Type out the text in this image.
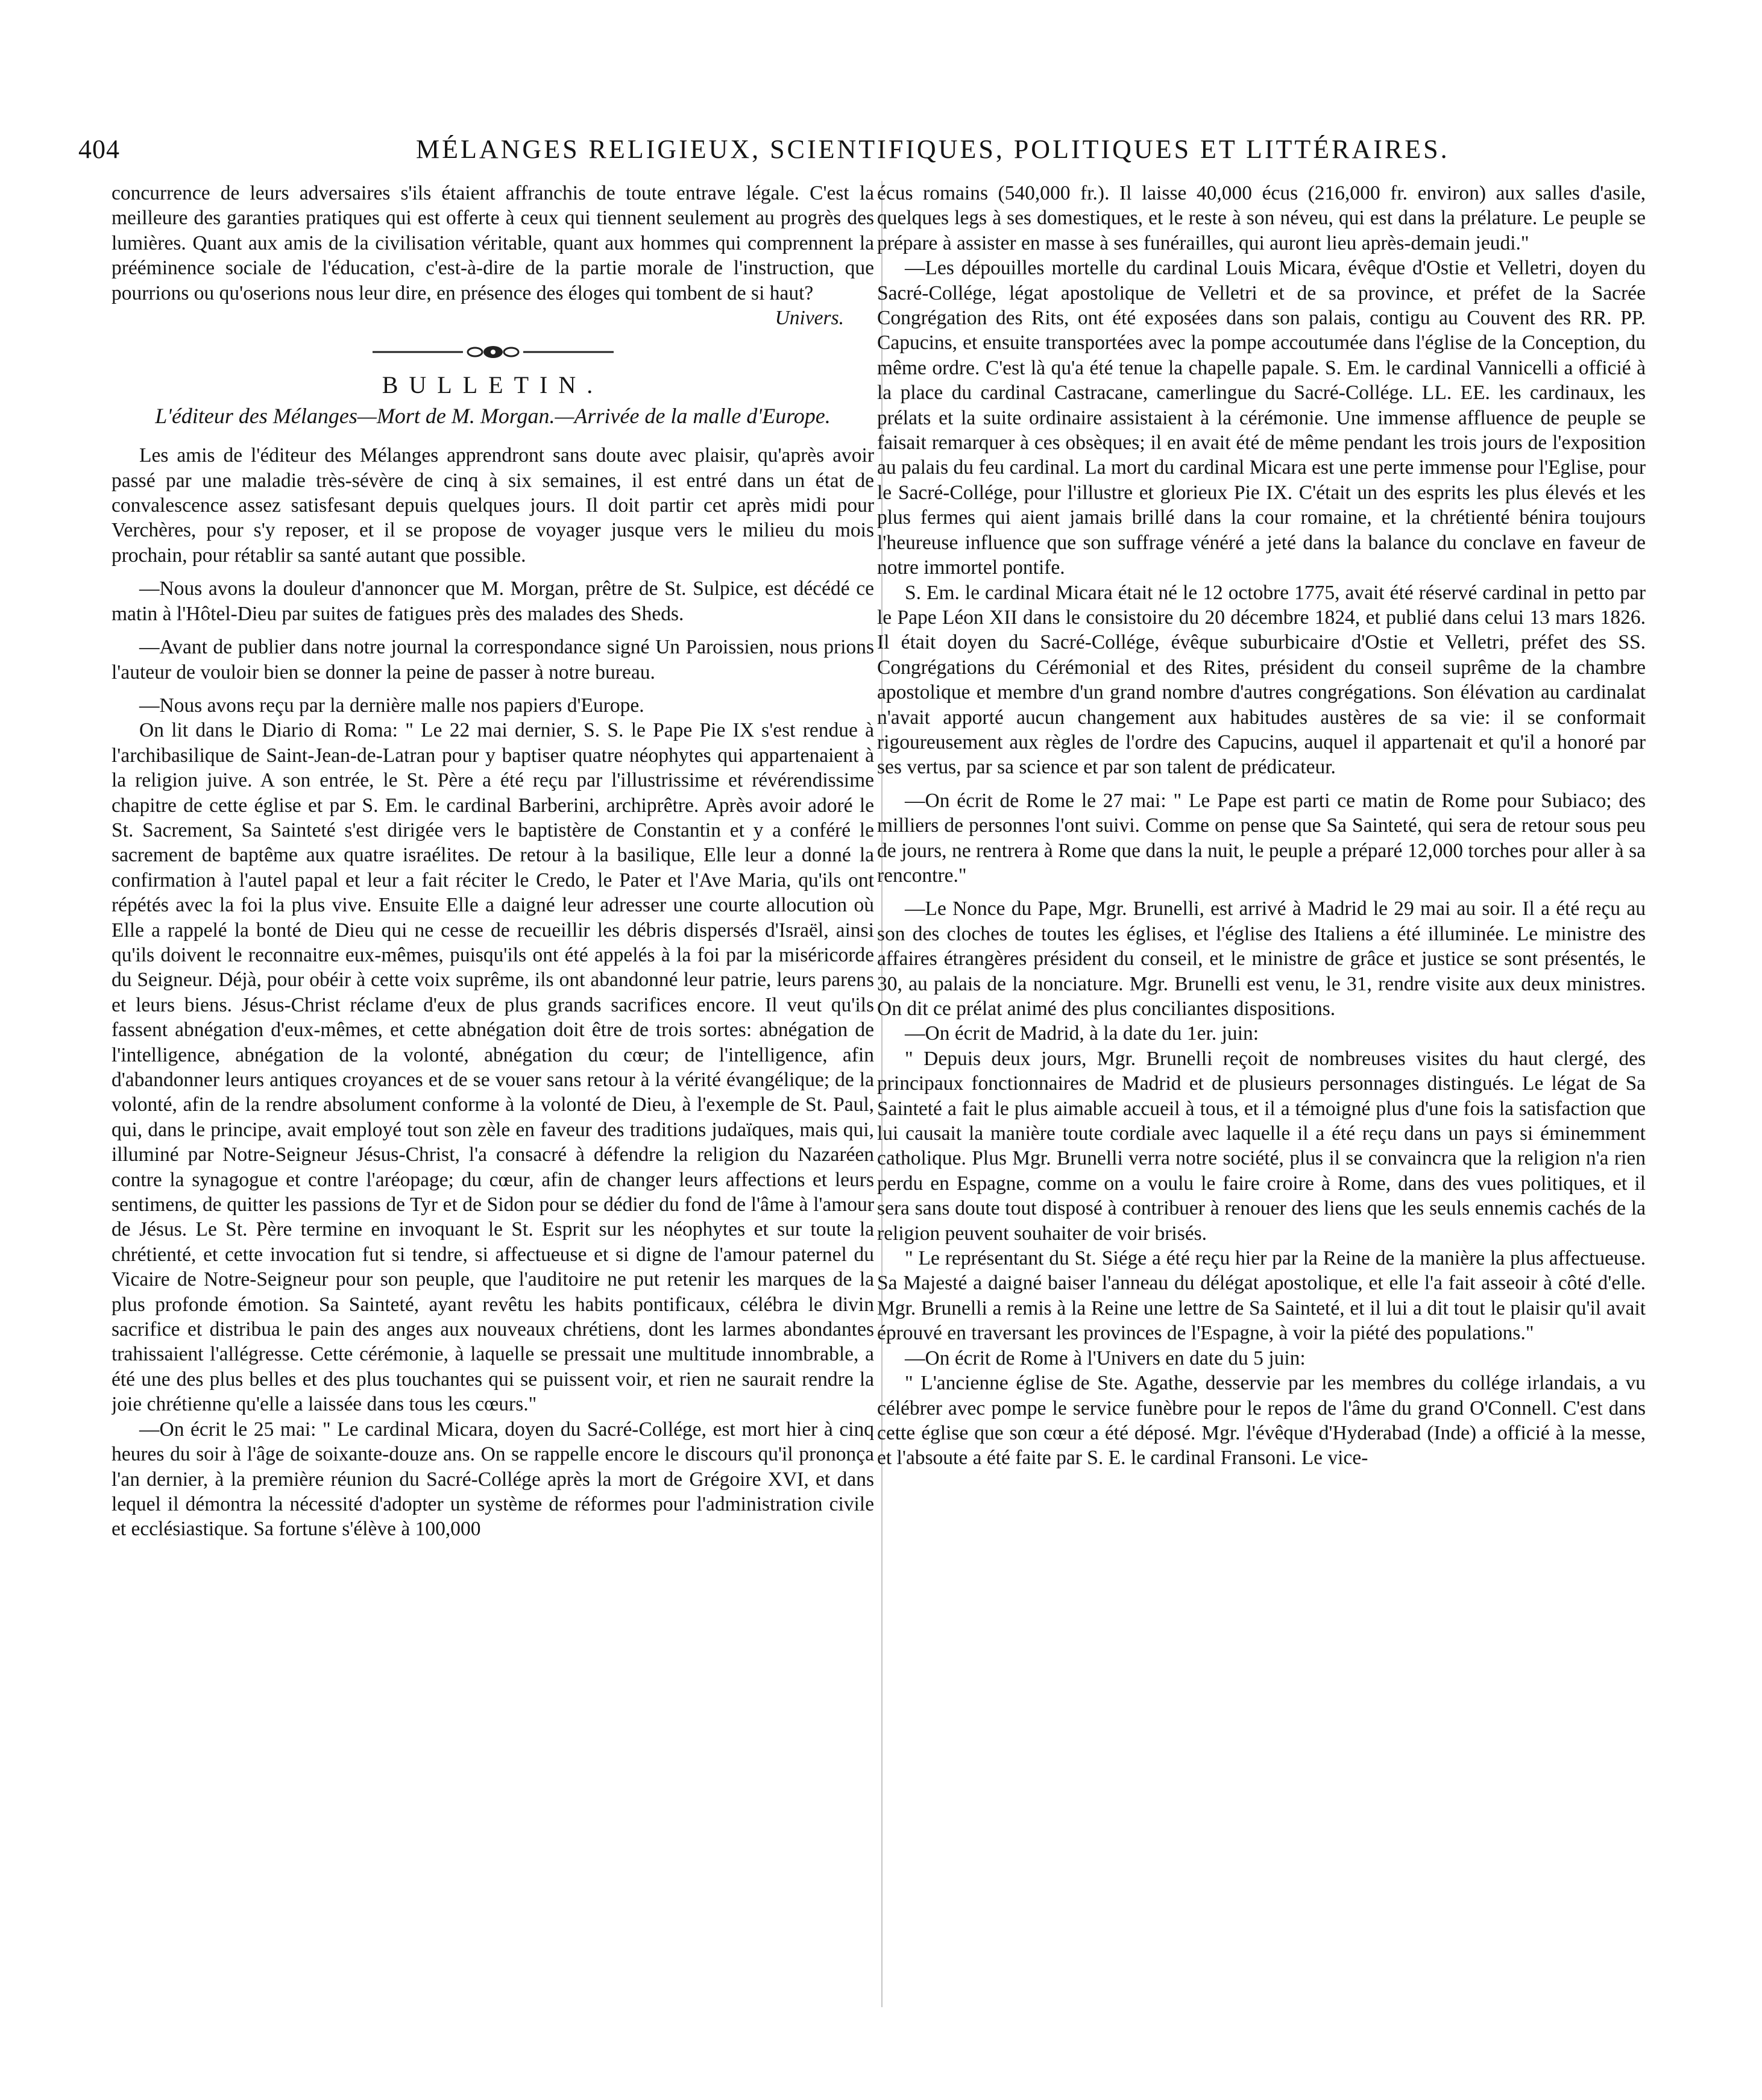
404	MÉLANGES RELIGIEUX, SCIENTIFIQUES, POLITIQUES ET LITTÉRAIRES.

concurrence de leurs adversaires s'ils étaient affranchis de toute entrave légale. C'est la meilleure des garanties pratiques qui est offerte à ceux qui tiennent seulement au progrès des lumières. Quant aux amis de la civilisation véritable, quant aux hommes qui comprennent la prééminence sociale de l'éducation, c'est-à-dire de la partie morale de l'instruction, que pourrions ou qu'oserions nous leur dire, en présence des éloges qui tombent de si haut?

Univers.
BULLETIN.
L'éditeur des Mélanges—Mort de M. Morgan.—Arrivée de la malle d'Europe.

Les amis de l'éditeur des Mélanges apprendront sans doute avec plaisir, qu'après avoir passé par une maladie très-sévère de cinq à six semaines, il est entré dans un état de convalescence assez satisfesant depuis quelques jours. Il doit partir cet après midi pour Verchères, pour s'y reposer, et il se propose de voyager jusque vers le milieu du mois prochain, pour rétablir sa santé autant que possible.

—Nous avons la douleur d'annoncer que M. Morgan, prêtre de St. Sulpice, est décédé ce matin à l'Hôtel-Dieu par suites de fatigues près des malades des Sheds.

—Avant de publier dans notre journal la correspondance signé Un Paroissien, nous prions l'auteur de vouloir bien se donner la peine de passer à notre bureau.

—Nous avons reçu par la dernière malle nos papiers d'Europe.

On lit dans le Diario di Roma: " Le 22 mai dernier, S. S. le Pape Pie IX s'est rendue à l'archibasilique de Saint-Jean-de-Latran pour y baptiser quatre néophytes qui appartenaient à la religion juive. A son entrée, le St. Père a été reçu par l'illustrissime et révérendissime chapitre de cette église et par S. Em. le cardinal Barberini, archiprêtre. Après avoir adoré le St. Sacrement, Sa Sainteté s'est dirigée vers le baptistère de Constantin et y a conféré le sacrement de baptême aux quatre israélites. De retour à la basilique, Elle leur a donné la confirmation à l'autel papal et leur a fait réciter le Credo, le Pater et l'Ave Maria, qu'ils ont répétés avec la foi la plus vive. Ensuite Elle a daigné leur adresser une courte allocution où Elle a rappelé la bonté de Dieu qui ne cesse de recueillir les débris dispersés d'Israël, ainsi qu'ils doivent le reconnaitre eux-mêmes, puisqu'ils ont été appelés à la foi par la miséricorde du Seigneur. Déjà, pour obéir à cette voix suprême, ils ont abandonné leur patrie, leurs parens et leurs biens. Jésus-Christ réclame d'eux de plus grands sacrifices encore. Il veut qu'ils fassent abnégation d'eux-mêmes, et cette abnégation doit être de trois sortes: abnégation de l'intelligence, abnégation de la volonté, abnégation du cœur; de l'intelligence, afin d'abandonner leurs antiques croyances et de se vouer sans retour à la vérité évangélique; de la volonté, afin de la rendre absolument conforme à la volonté de Dieu, à l'exemple de St. Paul, qui, dans le principe, avait employé tout son zèle en faveur des traditions judaïques, mais qui, illuminé par Notre-Seigneur Jésus-Christ, l'a consacré à défendre la religion du Nazaréen contre la synagogue et contre l'aréopage; du cœur, afin de changer leurs affections et leurs sentimens, de quitter les passions de Tyr et de Sidon pour se dédier du fond de l'âme à l'amour de Jésus. Le St. Père termine en invoquant le St. Esprit sur les néophytes et sur toute la chrétienté, et cette invocation fut si tendre, si affectueuse et si digne de l'amour paternel du Vicaire de Notre-Seigneur pour son peuple, que l'auditoire ne put retenir les marques de la plus profonde émotion. Sa Sainteté, ayant revêtu les habits pontificaux, célébra le divin sacrifice et distribua le pain des anges aux nouveaux chrétiens, dont les larmes abondantes trahissaient l'allégresse. Cette cérémonie, à laquelle se pressait une multitude innombrable, a été une des plus belles et des plus touchantes qui se puissent voir, et rien ne saurait rendre la joie chrétienne qu'elle a laissée dans tous les cœurs."

—On écrit le 25 mai: " Le cardinal Micara, doyen du Sacré-Collége, est mort hier à cinq heures du soir à l'âge de soixante-douze ans. On se rappelle encore le discours qu'il prononça l'an dernier, à la première réunion du Sacré-Collége après la mort de Grégoire XVI, et dans lequel il démontra la nécessité d'adopter un système de réformes pour l'administration civile et ecclésiastique. Sa fortune s'élève à 100,000

écus romains (540,000 fr.). Il laisse 40,000 écus (216,000 fr. environ) aux salles d'asile, quelques legs à ses domestiques, et le reste à son néveu, qui est dans la prélature. Le peuple se prépare à assister en masse à ses funérailles, qui auront lieu après-demain jeudi."

—Les dépouilles mortelle du cardinal Louis Micara, évêque d'Ostie et Velletri, doyen du Sacré-Collége, légat apostolique de Velletri et de sa province, et préfet de la Sacrée Congrégation des Rits, ont été exposées dans son palais, contigu au Couvent des RR. PP. Capucins, et ensuite transportées avec la pompe accoutumée dans l'église de la Conception, du même ordre. C'est là qu'a été tenue la chapelle papale. S. Em. le cardinal Vannicelli a officié à la place du cardinal Castracane, camerlingue du Sacré-Collége. LL. EE. les cardinaux, les prélats et la suite ordinaire assistaient à la cérémonie. Une immense affluence de peuple se faisait remarquer à ces obsèques; il en avait été de même pendant les trois jours de l'exposition au palais du feu cardinal. La mort du cardinal Micara est une perte immense pour l'Eglise, pour le Sacré-Collége, pour l'illustre et glorieux Pie IX. C'était un des esprits les plus élevés et les plus fermes qui aient jamais brillé dans la cour romaine, et la chrétienté bénira toujours l'heureuse influence que son suffrage vénéré a jeté dans la balance du conclave en faveur de notre immortel pontife.

S. Em. le cardinal Micara était né le 12 octobre 1775, avait été réservé cardinal in petto par le Pape Léon XII dans le consistoire du 20 décembre 1824, et publié dans celui 13 mars 1826. Il était doyen du Sacré-Collége, évêque suburbicaire d'Ostie et Velletri, préfet des SS. Congrégations du Cérémonial et des Rites, président du conseil suprême de la chambre apostolique et membre d'un grand nombre d'autres congrégations. Son élévation au cardinalat n'avait apporté aucun changement aux habitudes austères de sa vie: il se conformait rigoureusement aux règles de l'ordre des Capucins, auquel il appartenait et qu'il a honoré par ses vertus, par sa science et par son talent de prédicateur.

—On écrit de Rome le 27 mai: " Le Pape est parti ce matin de Rome pour Subiaco; des milliers de personnes l'ont suivi. Comme on pense que Sa Sainteté, qui sera de retour sous peu de jours, ne rentrera à Rome que dans la nuit, le peuple a préparé 12,000 torches pour aller à sa rencontre."

—Le Nonce du Pape, Mgr. Brunelli, est arrivé à Madrid le 29 mai au soir. Il a été reçu au son des cloches de toutes les églises, et l'église des Italiens a été illuminée. Le ministre des affaires étrangères président du conseil, et le ministre de grâce et justice se sont présentés, le 30, au palais de la nonciature. Mgr. Brunelli est venu, le 31, rendre visite aux deux ministres. On dit ce prélat animé des plus conciliantes dispositions.

—On écrit de Madrid, à la date du 1er. juin:

" Depuis deux jours, Mgr. Brunelli reçoit de nombreuses visites du haut clergé, des principaux fonctionnaires de Madrid et de plusieurs personnages distingués. Le légat de Sa Sainteté a fait le plus aimable accueil à tous, et il a témoigné plus d'une fois la satisfaction que lui causait la manière toute cordiale avec laquelle il a été reçu dans un pays si éminemment catholique. Plus Mgr. Brunelli verra notre société, plus il se convaincra que la religion n'a rien perdu en Espagne, comme on a voulu le faire croire à Rome, dans des vues politiques, et il sera sans doute tout disposé à contribuer à renouer des liens que les seuls ennemis cachés de la religion peuvent souhaiter de voir brisés.

" Le représentant du St. Siége a été reçu hier par la Reine de la manière la plus affectueuse. Sa Majesté a daigné baiser l'anneau du délégat apostolique, et elle l'a fait asseoir à côté d'elle. Mgr. Brunelli a remis à la Reine une lettre de Sa Sainteté, et il lui a dit tout le plaisir qu'il avait éprouvé en traversant les provinces de l'Espagne, à voir la piété des populations."

—On écrit de Rome à l'Univers en date du 5 juin:

" L'ancienne église de Ste. Agathe, desservie par les membres du collége irlandais, a vu célébrer avec pompe le service funèbre pour le repos de l'âme du grand O'Connell. C'est dans cette église que son cœur a été déposé. Mgr. l'évêque d'Hyderabad (Inde) a officié à la messe, et l'absoute a été faite par S. E. le cardinal Fransoni. Le vice-
